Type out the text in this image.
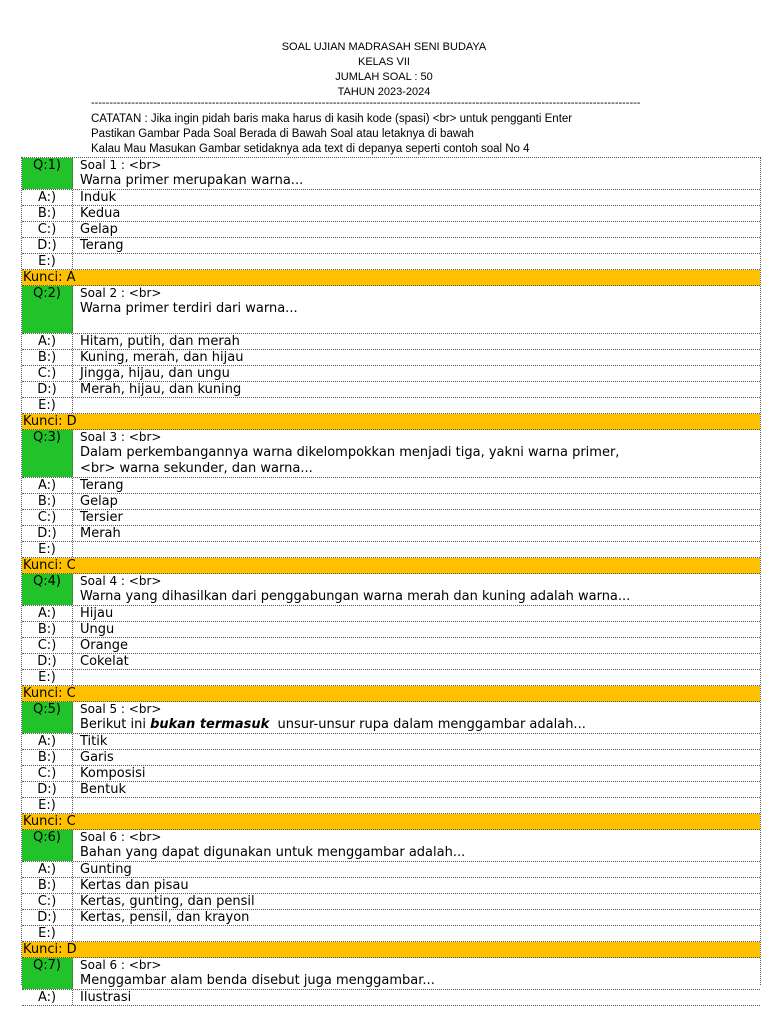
SOAL UJIAN MADRASAH SENI BUDAYA
KELAS VII
JUMLAH SOAL : 50
TAHUN 2023-2024
------------------------------------------------------------------------------------------------------------------------------------------------------
CATATAN : Jika ingin pidah baris maka harus di kasih kode (spasi) <br> untuk pengganti Enter
Pastikan Gambar Pada Soal Berada di Bawah Soal atau letaknya di bawah
Kalau Mau Masukan Gambar setidaknya ada text di depanya seperti contoh soal No 4
Q:1)	Soal 1 : <br>
Warna primer merupakan warna...
A:)	Induk
B:)	Kedua
C:)	Gelap
D:)	Terang
E:)
Kunci: A
Q:2)	Soal 2 : <br>
Warna primer terdiri dari warna...
A:)	Hitam, putih, dan merah
B:)	Kuning, merah, dan hijau
C:)	Jingga, hijau, dan ungu
D:)	Merah, hijau, dan kuning
E:)
Kunci: D
Q:3)	Soal 3 : <br>
Dalam perkembangannya warna dikelompokkan menjadi tiga, yakni warna primer,
<br> warna sekunder, dan warna...
A:)	Terang
B:)	Gelap
C:)	Tersier
D:)	Merah
E:)
Kunci: C
Q:4)	Soal 4 : <br>
Warna yang dihasilkan dari penggabungan warna merah dan kuning adalah warna...
A:)	Hijau
B:)	Ungu
C:)	Orange
D:)	Cokelat
E:)
Kunci: C
Q:5)	Soal 5 : <br>
Berikut ini bukan termasuk  unsur-unsur rupa dalam menggambar adalah...
A:)	Titik
B:)	Garis
C:)	Komposisi
D:)	Bentuk
E:)
Kunci: C
Q:6)	Soal 6 : <br>
Bahan yang dapat digunakan untuk menggambar adalah...
A:)	Gunting
B:)	Kertas dan pisau
C:)	Kertas, gunting, dan pensil
D:)	Kertas, pensil, dan krayon
E:)
Kunci: D
Q:7)	Soal 6 : <br>
Menggambar alam benda disebut juga menggambar...
A:)	Ilustrasi
